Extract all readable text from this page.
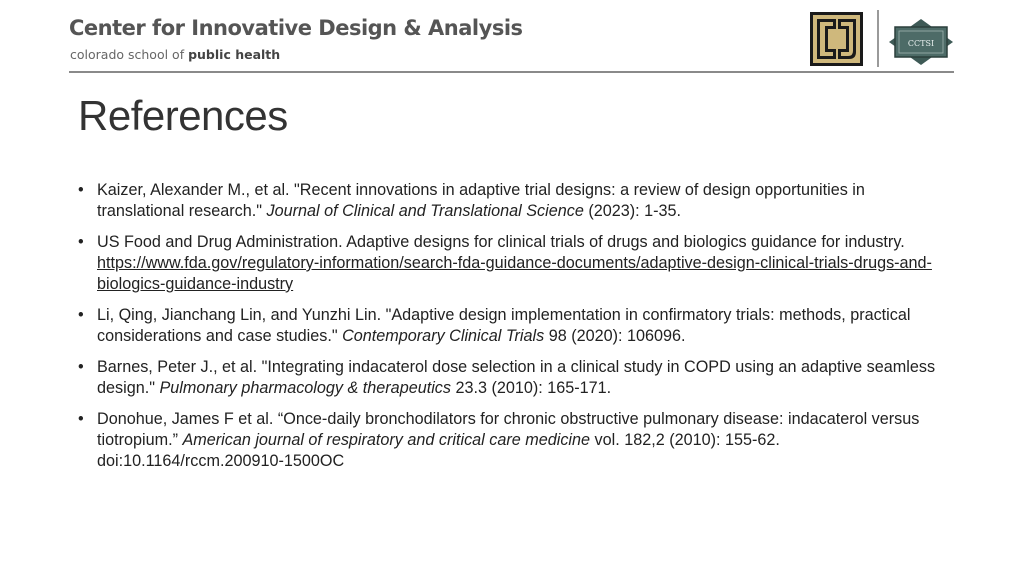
Center for Innovative Design & Analysis
colorado school of public health
CCTSI
References
• Kaizer, Alexander M., et al. "Recent innovations in adaptive trial designs: a review of design opportunities in translational research." Journal of Clinical and Translational Science (2023): 1-35.
• US Food and Drug Administration. Adaptive designs for clinical trials of drugs and biologics guidance for industry. https://www.fda.gov/regulatory-information/search-fda-guidance-documents/adaptive-design-clinical-trials-drugs-and-biologics-guidance-industry
• Li, Qing, Jianchang Lin, and Yunzhi Lin. "Adaptive design implementation in confirmatory trials: methods, practical considerations and case studies." Contemporary Clinical Trials 98 (2020): 106096.
• Barnes, Peter J., et al. "Integrating indacaterol dose selection in a clinical study in COPD using an adaptive seamless design." Pulmonary pharmacology & therapeutics 23.3 (2010): 165-171.
• Donohue, James F et al. “Once-daily bronchodilators for chronic obstructive pulmonary disease: indacaterol versus tiotropium.” American journal of respiratory and critical care medicine vol. 182,2 (2010): 155-62. doi:10.1164/rccm.200910-1500OC
